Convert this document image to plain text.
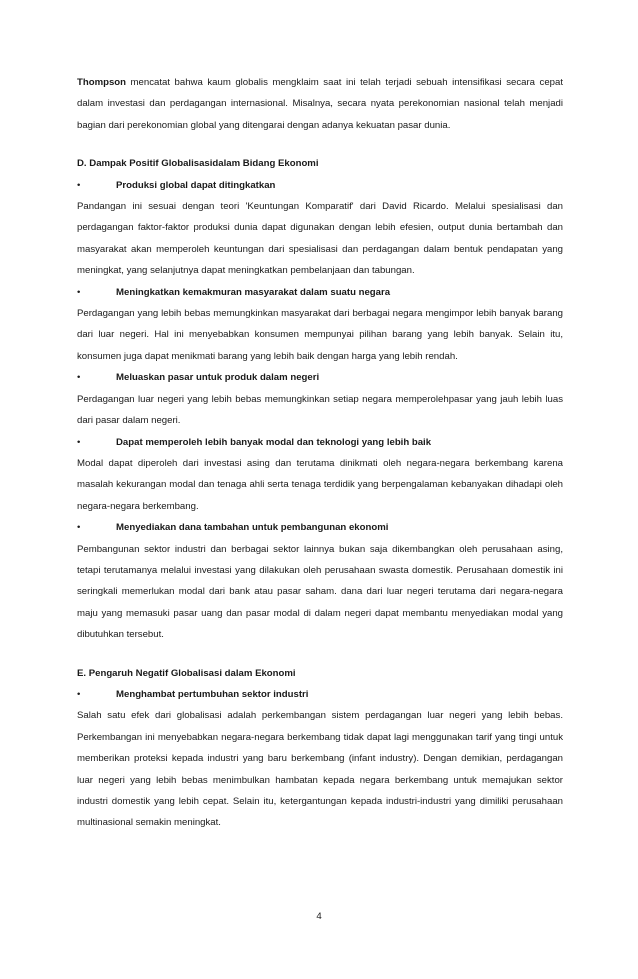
Thompson mencatat bahwa kaum globalis mengklaim saat ini telah terjadi sebuah intensifikasi secara cepat dalam investasi dan perdagangan internasional. Misalnya, secara nyata perekonomian nasional telah menjadi bagian dari perekonomian global yang ditengarai dengan adanya kekuatan pasar dunia.

D. Dampak Positif Globalisasidalam Bidang Ekonomi

•	Produksi global dapat ditingkatkan

Pandangan ini sesuai dengan teori 'Keuntungan Komparatif' dari David Ricardo. Melalui spesialisasi dan perdagangan faktor-faktor produksi dunia dapat digunakan dengan lebih efesien, output dunia bertambah dan masyarakat akan memperoleh keuntungan dari spesialisasi dan perdagangan dalam bentuk pendapatan yang meningkat, yang selanjutnya dapat meningkatkan pembelanjaan dan tabungan.

•	Meningkatkan kemakmuran masyarakat dalam suatu negara

Perdagangan yang lebih bebas memungkinkan masyarakat dari berbagai negara mengimpor lebih banyak barang dari luar negeri. Hal ini menyebabkan konsumen mempunyai pilihan barang yang lebih banyak. Selain itu, konsumen juga dapat menikmati barang yang lebih baik dengan harga yang lebih rendah.

•	Meluaskan pasar untuk produk dalam negeri

Perdagangan luar negeri yang lebih bebas memungkinkan setiap negara memperolehpasar yang jauh lebih luas dari pasar dalam negeri.

•	Dapat memperoleh lebih banyak modal dan teknologi yang lebih baik

Modal dapat diperoleh dari investasi asing dan terutama dinikmati oleh negara-negara berkembang karena masalah kekurangan modal dan tenaga ahli serta tenaga terdidik yang berpengalaman kebanyakan dihadapi oleh negara-negara berkembang.

•	Menyediakan dana tambahan untuk pembangunan ekonomi

Pembangunan sektor industri dan berbagai sektor lainnya bukan saja dikembangkan oleh perusahaan asing, tetapi terutamanya melalui investasi yang dilakukan oleh perusahaan swasta domestik. Perusahaan domestik ini seringkali memerlukan modal dari bank atau pasar saham. dana dari luar negeri terutama dari negara-negara maju yang memasuki pasar uang dan pasar modal di dalam negeri dapat membantu menyediakan modal yang dibutuhkan tersebut.

E. Pengaruh Negatif Globalisasi dalam Ekonomi

•	Menghambat pertumbuhan sektor industri

Salah satu efek dari globalisasi adalah perkembangan sistem perdagangan luar negeri yang lebih bebas. Perkembangan ini menyebabkan negara-negara berkembang tidak dapat lagi menggunakan tarif yang tingi untuk memberikan proteksi kepada industri yang baru berkembang (infant industry). Dengan demikian, perdagangan luar negeri yang lebih bebas menimbulkan hambatan kepada negara berkembang untuk memajukan sektor industri domestik yang lebih cepat. Selain itu, ketergantungan kepada industri-industri yang dimiliki perusahaan multinasional semakin meningkat.

4
